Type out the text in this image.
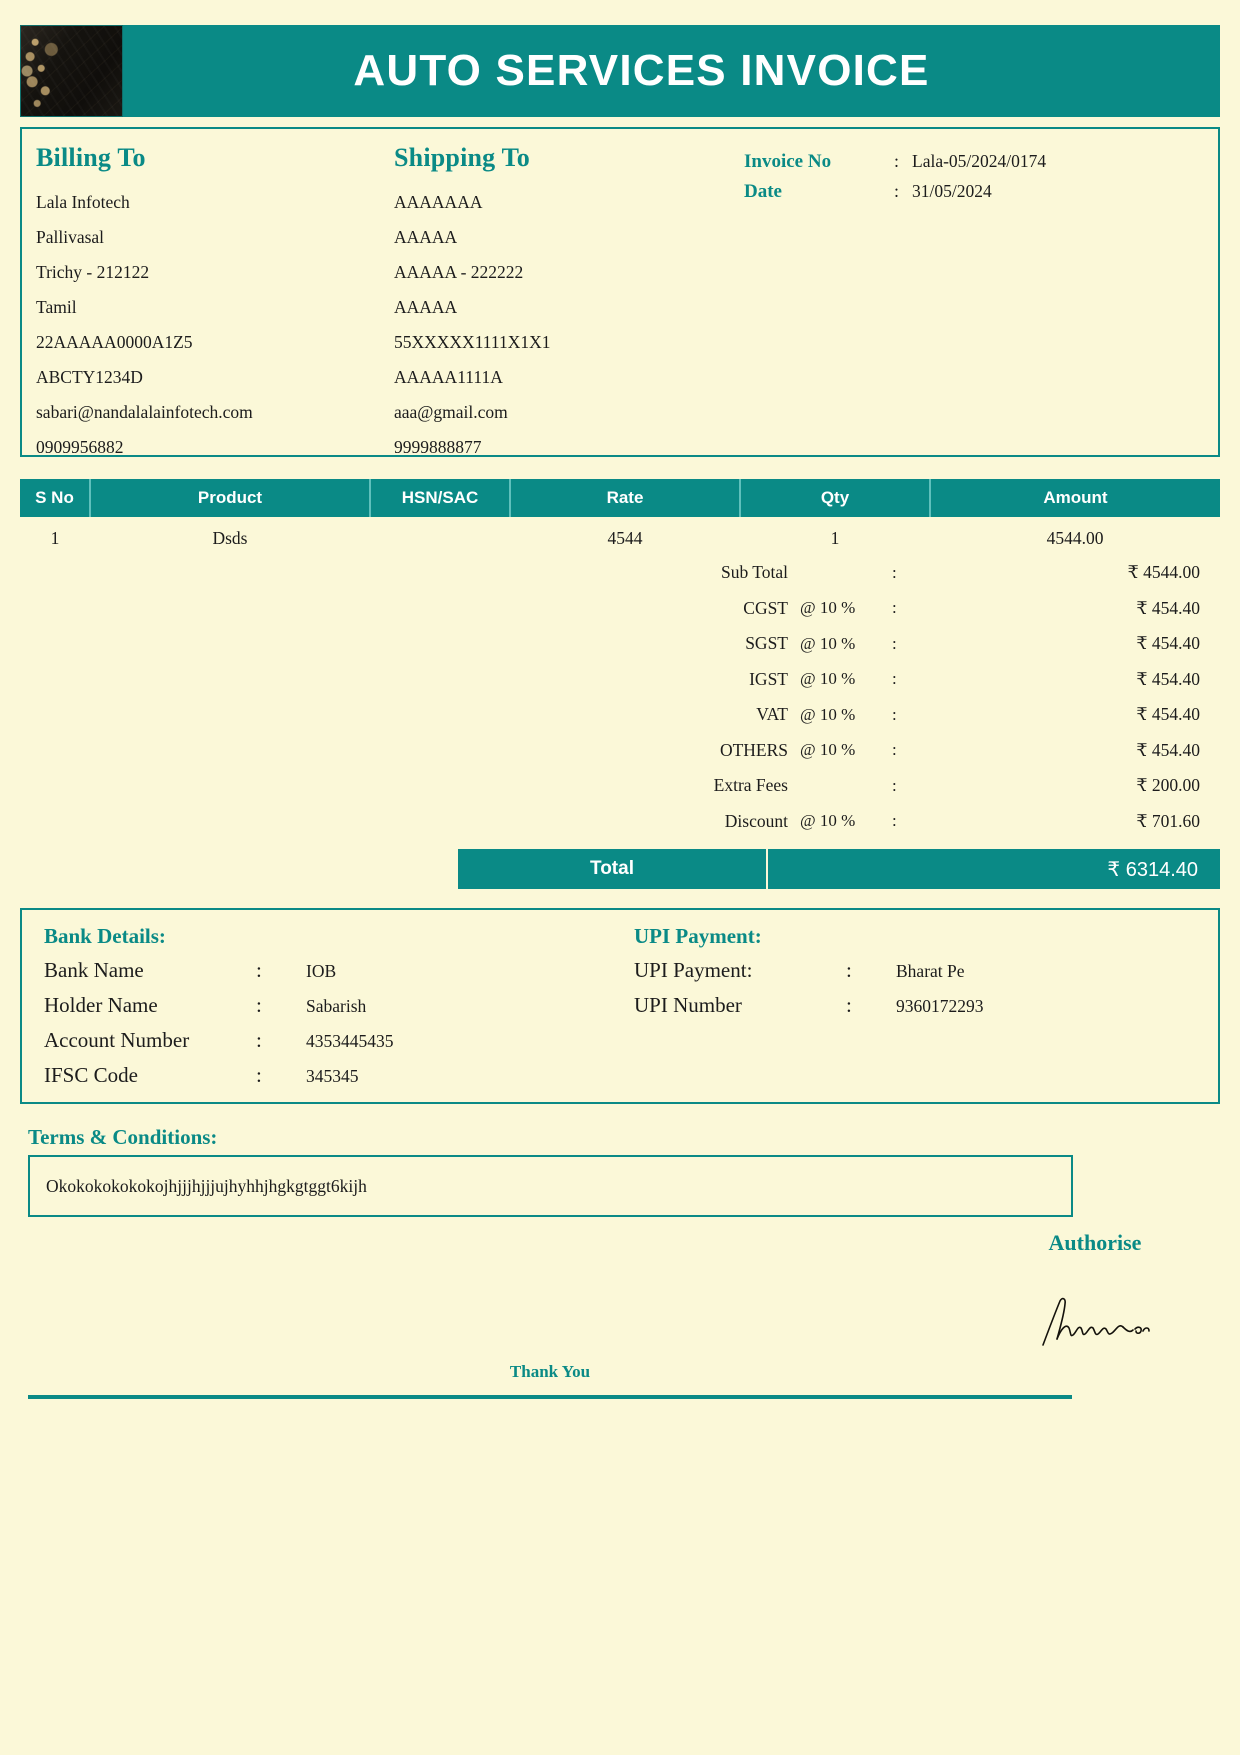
AUTO SERVICES INVOICE
Billing To
Lala Infotech
Pallivasal
Trichy - 212122
Tamil
22AAAAA0000A1Z5
ABCTY1234D
sabari@nandalalainfotech.com
0909956882
Shipping To
AAAAAAA
AAAAA
AAAAA - 222222
AAAAA
55XXXXX1111X1X1
AAAAA1111A
aaa@gmail.com
9999888877
Invoice No	: Lala-05/2024/0174
Date	: 31/05/2024
S No	Product	HSN/SAC	Rate	Qty	Amount
1	Dsds		4544	1	4544.00
Sub Total	:	₹ 4544.00
CGST @ 10 %	:	₹ 454.40
SGST @ 10 %	:	₹ 454.40
IGST @ 10 %	:	₹ 454.40
VAT @ 10 %	:	₹ 454.40
OTHERS @ 10 %	:	₹ 454.40
Extra Fees	:	₹ 200.00
Discount @ 10 %	:	₹ 701.60
Total	₹ 6314.40
Bank Details:
Bank Name	:	IOB
Holder Name	:	Sabarish
Account Number	:	4353445435
IFSC Code	:	345345
UPI Payment:
UPI Payment:	:	Bharat Pe
UPI Number	:	9360172293
Terms & Conditions:
Okokokokokokojhjjjhjjjujhyhhjhgkgtggt6kijh
Authorise
Thank You
